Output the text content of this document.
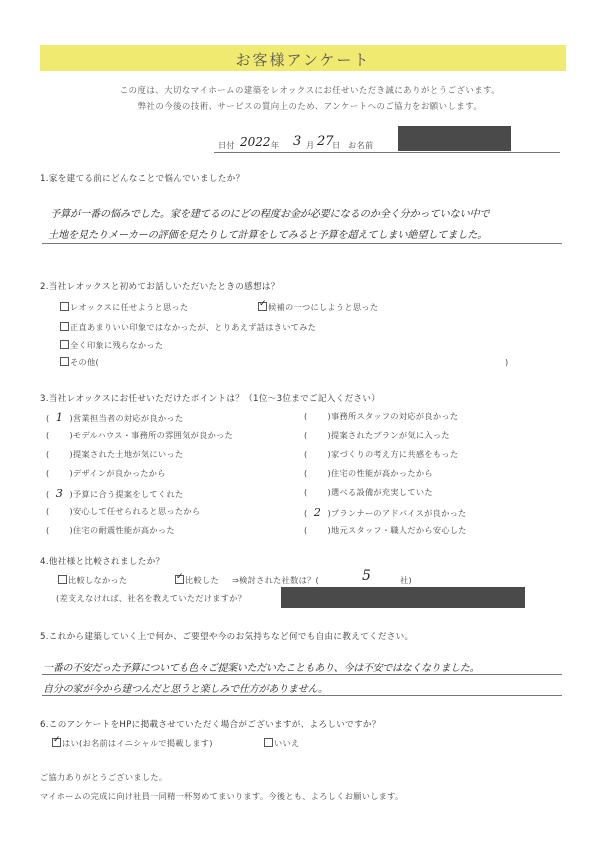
お客様アンケート
この度は、大切なマイホームの建築をレオックスにお任せいただき誠にありがとうございます。
弊社の今後の技術、サービスの質向上のため、アンケートへのご協力をお願いします。
日付 2022 年 3 月 27
日 お名前
1.家を建てる前にどんなことで悩んでいましたか？
予算が一番の悩みでした。家を建てるのにどの程度お金が必要になるのか全く分かっていない中で
土地を見たりメーカーの評価を見たりして計算をしてみると予算を超えてしまい絶望してました。
2.当社レオックスと初めてお話しいただいたときの感想は？
レオックスに任せようと思った	✓ 候補の一つにしようと思った
正直あまりいい印象ではなかったが、とりあえず話はきいてみた
全く印象に残らなかった
その他(	)
3.当社レオックスにお任せいただけたポイントは？（1位～3位までご記入ください）
( 1 )営業担当者の対応が良かった
( )モデルハウス・事務所の雰囲気が良かった
( )提案された土地が気にいった
( )デザインが良かったから
( 3 )予算に合う提案をしてくれた
( )安心して任せられると思ったから
( )住宅の耐震性能が高かった
( )事務所スタッフの対応が良かった
( )提案されたプランが気に入った
( )家づくりの考え方に共感をもった
( )住宅の性能が高かったから
( )選べる設備が充実していた
( 2 )プランナーのアドバイスが良かった
( )地元スタッフ・職人だから安心した
4.他社様と比較されましたか？
比較しなかった	✓ 比較した ⇒検討された社数は？(	5	社)
(差支えなければ、社名を教えていただけますか？
5.これから建築していく上で何か、ご要望や今のお気持ちなど何でも自由に教えてください。
一番の不安だった予算についても色々ご提案いただいたこともあり、今は不安ではなくなりました。
自分の家が今から建つんだと思うと楽しみで仕方がありません。
6.このアンケートをHPに掲載させていただく場合がございますが、よろしいですか？
✓ はい(お名前はイニシャルで掲載します)	いいえ
ご協力ありがとうございました。
マイホームの完成に向け社員一同精一杯努めてまいります。今後とも、よろしくお願いします。
